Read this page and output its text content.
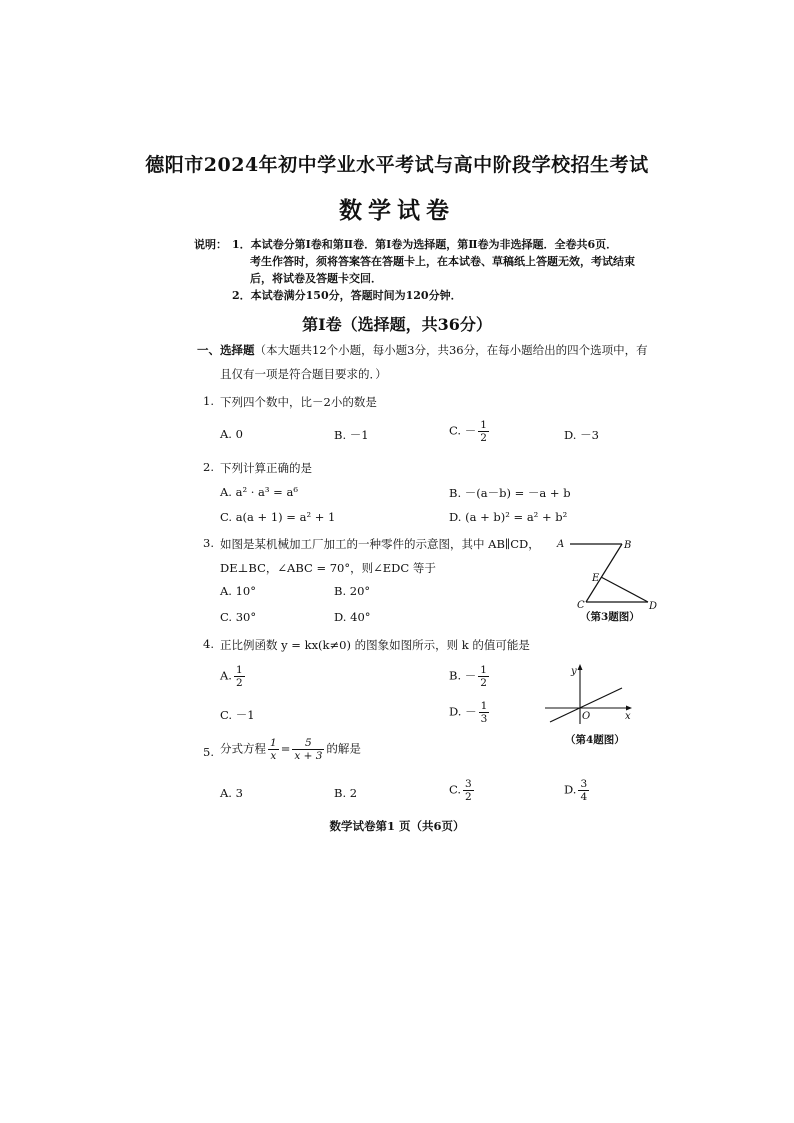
德阳市2024年初中学业水平考试与高中阶段学校招生考试
数学试卷
说明： 1．本试卷分第Ⅰ卷和第Ⅱ卷．第Ⅰ卷为选择题，第Ⅱ卷为非选择题．全卷共6页．
考生作答时，须将答案答在答题卡上，在本试卷、草稿纸上答题无效，考试结束
后，将试卷及答题卡交回．
2．本试卷满分150分，答题时间为120分钟．
第Ⅰ卷（选择题，共36分）
一、选择题（本大题共12个小题，每小题3分，共36分，在每小题给出的四个选项中，有
且仅有一项是符合题目要求的．）
1. 下列四个数中，比－2小的数是
A. 0	B. －1	C. － $\frac{1}{2}$	D. －3
2. 下列计算正确的是
A. a² · a³ = a⁶	B. －(a－b) = －a + b
C. a(a + 1) = a² + 1	D. (a + b)² = a² + b²
3. 如图是某机械加工厂加工的一种零件的示意图，其中 AB∥CD，
DE⊥BC，∠ABC = 70°，则∠EDC 等于
A. 10°	B. 20°
C. 30°	D. 40°
A	B
E
C	D
（第3题图）
4. 正比例函数 y = kx(k≠0) 的图象如图所示，则 k 的值可能是
A. $\frac{1}{2}$	B. － $\frac{1}{2}$
C. －1	D. － $\frac{1}{3}$
y
x
O
（第4题图）
5. 分式方程 $\frac{1}{x} = \frac{5}{x + 3}$ 的解是
A. 3	B. 2	C. $\frac{3}{2}$	D. $\frac{3}{4}$
数学试卷第1 页（共6页）
